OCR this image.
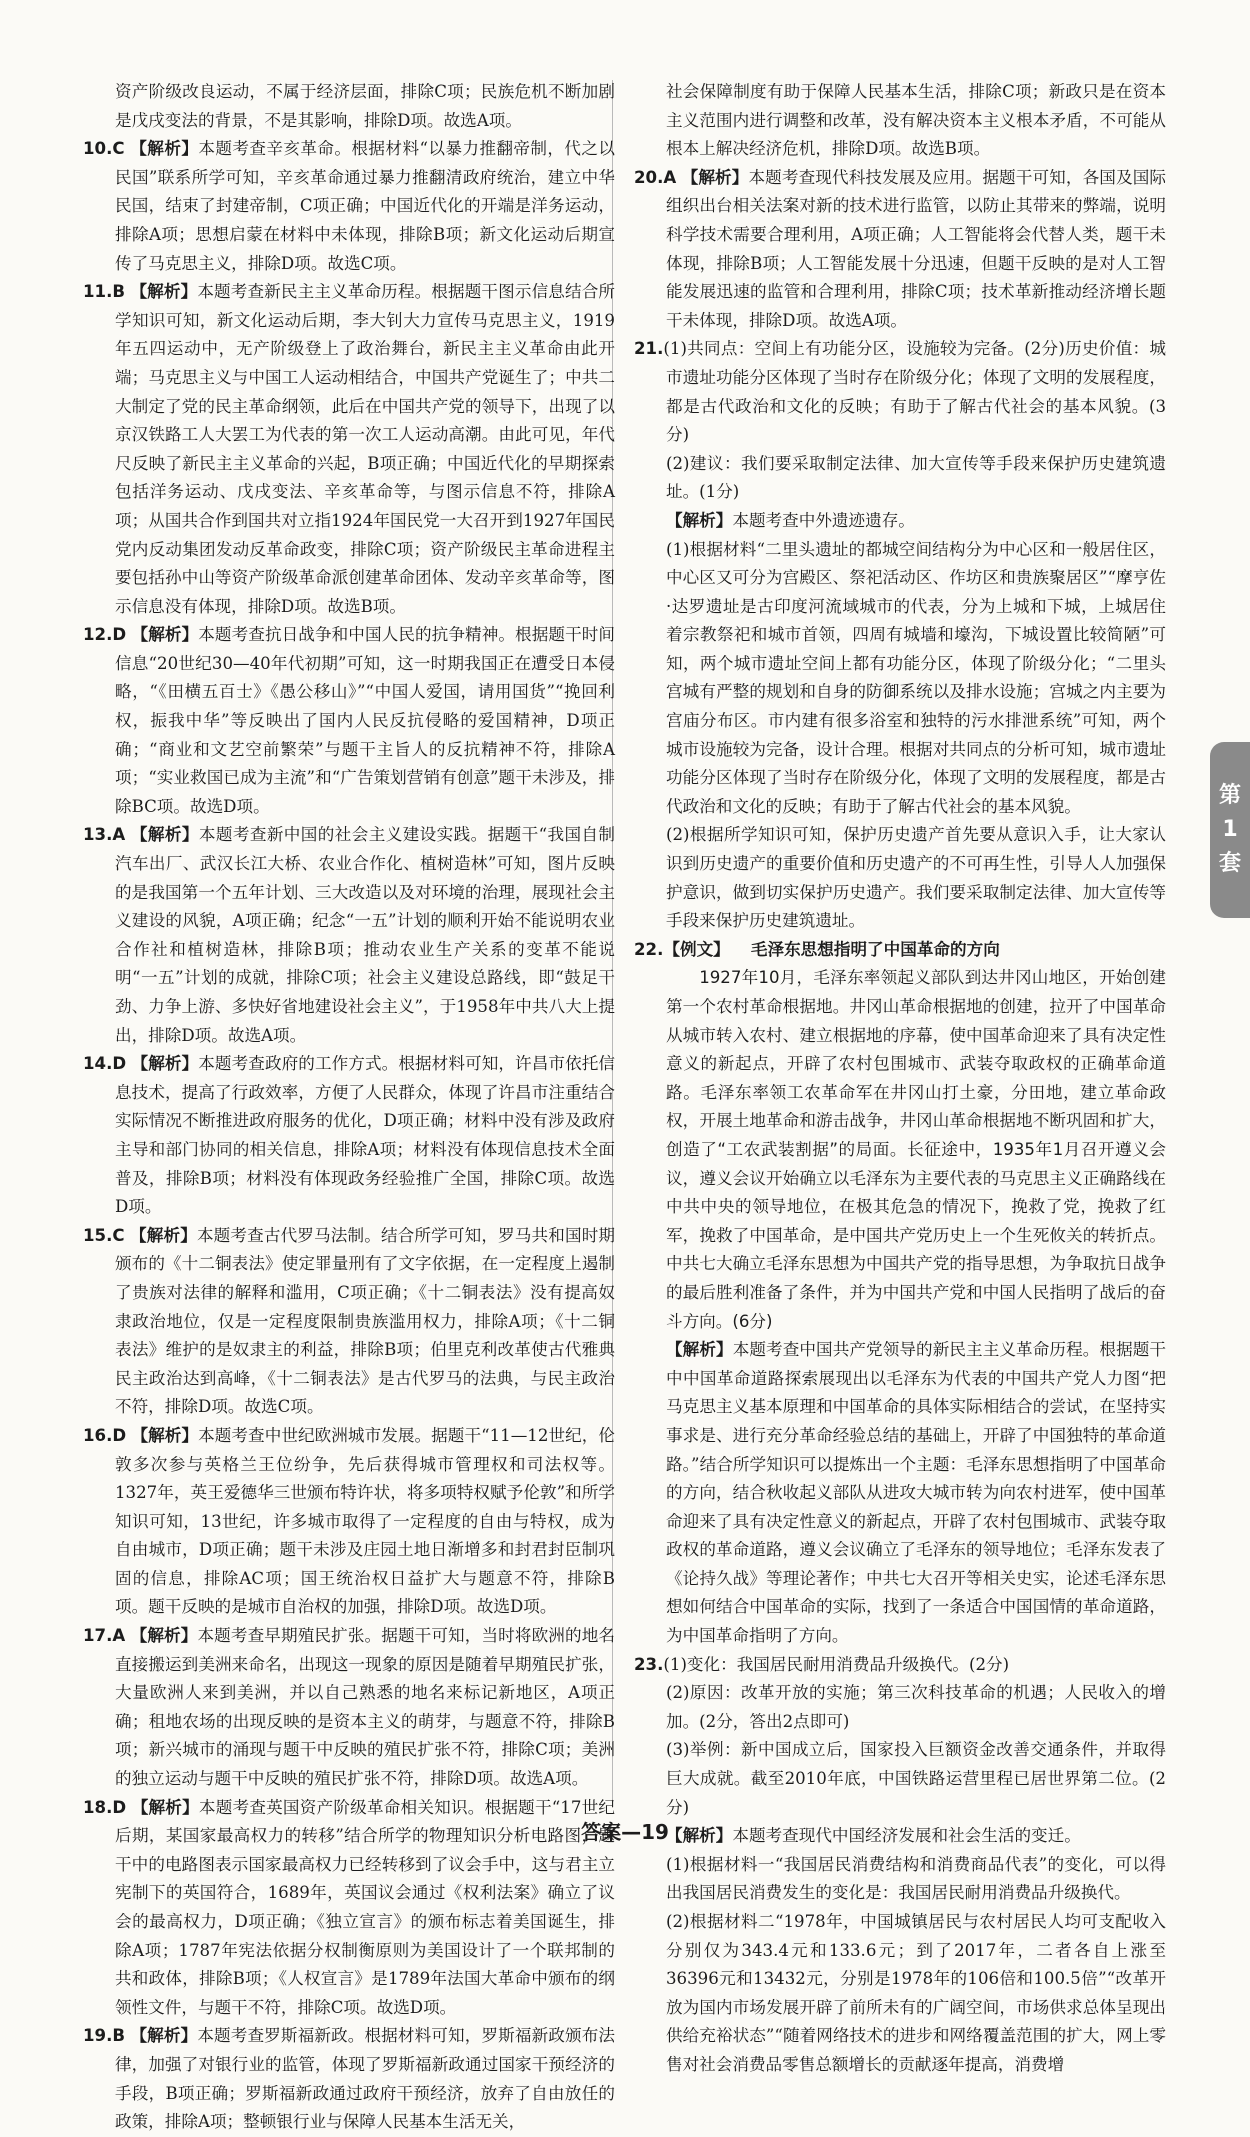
资产阶级改良运动，不属于经济层面，排除C项；民族危机不断加剧是戊戌变法的背景，不是其影响，排除D项。故选A项。

10.C 【解析】本题考查辛亥革命。根据材料“以暴力推翻帝制，代之以民国”联系所学可知，辛亥革命通过暴力推翻清政府统治，建立中华民国，结束了封建帝制，C项正确；中国近代化的开端是洋务运动，排除A项；思想启蒙在材料中未体现，排除B项；新文化运动后期宣传了马克思主义，排除D项。故选C项。

11.B 【解析】本题考查新民主主义革命历程。根据题干图示信息结合所学知识可知，新文化运动后期，李大钊大力宣传马克思主义，1919年五四运动中，无产阶级登上了政治舞台，新民主主义革命由此开端；马克思主义与中国工人运动相结合，中国共产党诞生了；中共二大制定了党的民主革命纲领，此后在中国共产党的领导下，出现了以京汉铁路工人大罢工为代表的第一次工人运动高潮。由此可见，年代尺反映了新民主主义革命的兴起，B项正确；中国近代化的早期探索包括洋务运动、戊戌变法、辛亥革命等，与图示信息不符，排除A项；从国共合作到国共对立指1924年国民党一大召开到1927年国民党内反动集团发动反革命政变，排除C项；资产阶级民主革命进程主要包括孙中山等资产阶级革命派创建革命团体、发动辛亥革命等，图示信息没有体现，排除D项。故选B项。

12.D 【解析】本题考查抗日战争和中国人民的抗争精神。根据题干时间信息“20世纪30—40年代初期”可知，这一时期我国正在遭受日本侵略，“《田横五百士》《愚公移山》”“中国人爱国，请用国货”“挽回利权，振我中华”等反映出了国内人民反抗侵略的爱国精神，D项正确；“商业和文艺空前繁荣”与题干主旨人的反抗精神不符，排除A项；“实业救国已成为主流”和“广告策划营销有创意”题干未涉及，排除BC项。故选D项。

13.A 【解析】本题考查新中国的社会主义建设实践。据题干“我国自制汽车出厂、武汉长江大桥、农业合作化、植树造林”可知，图片反映的是我国第一个五年计划、三大改造以及对环境的治理，展现社会主义建设的风貌，A项正确；纪念“一五”计划的顺利开始不能说明农业合作社和植树造林，排除B项；推动农业生产关系的变革不能说明“一五”计划的成就，排除C项；社会主义建设总路线，即“鼓足干劲、力争上游、多快好省地建设社会主义”，于1958年中共八大上提出，排除D项。故选A项。

14.D 【解析】本题考查政府的工作方式。根据材料可知，许昌市依托信息技术，提高了行政效率，方便了人民群众，体现了许昌市注重结合实际情况不断推进政府服务的优化，D项正确；材料中没有涉及政府主导和部门协同的相关信息，排除A项；材料没有体现信息技术全面普及，排除B项；材料没有体现政务经验推广全国，排除C项。故选D项。

15.C 【解析】本题考查古代罗马法制。结合所学可知，罗马共和国时期颁布的《十二铜表法》使定罪量刑有了文字依据，在一定程度上遏制了贵族对法律的解释和滥用，C项正确；《十二铜表法》没有提高奴隶政治地位，仅是一定程度限制贵族滥用权力，排除A项；《十二铜表法》维护的是奴隶主的利益，排除B项；伯里克利改革使古代雅典民主政治达到高峰，《十二铜表法》是古代罗马的法典，与民主政治不符，排除D项。故选C项。

16.D 【解析】本题考查中世纪欧洲城市发展。据题干“11—12世纪，伦敦多次参与英格兰王位纷争，先后获得城市管理权和司法权等。1327年，英王爱德华三世颁布特许状，将多项特权赋予伦敦”和所学知识可知，13世纪，许多城市取得了一定程度的自由与特权，成为自由城市，D项正确；题干未涉及庄园土地日渐增多和封君封臣制巩固的信息，排除AC项；国王统治权日益扩大与题意不符，排除B项。题干反映的是城市自治权的加强，排除D项。故选D项。

17.A 【解析】本题考查早期殖民扩张。据题干可知，当时将欧洲的地名直接搬运到美洲来命名，出现这一现象的原因是随着早期殖民扩张，大量欧洲人来到美洲，并以自己熟悉的地名来标记新地区，A项正确；租地农场的出现反映的是资本主义的萌芽，与题意不符，排除B项；新兴城市的涌现与题干中反映的殖民扩张不符，排除C项；美洲的独立运动与题干中反映的殖民扩张不符，排除D项。故选A项。

18.D 【解析】本题考查英国资产阶级革命相关知识。根据题干“17世纪后期，某国家最高权力的转移”结合所学的物理知识分析电路图，题干中的电路图表示国家最高权力已经转移到了议会手中，这与君主立宪制下的英国符合，1689年，英国议会通过《权利法案》确立了议会的最高权力，D项正确；《独立宣言》的颁布标志着美国诞生，排除A项；1787年宪法依据分权制衡原则为美国设计了一个联邦制的共和政体，排除B项；《人权宣言》是1789年法国大革命中颁布的纲领性文件，与题干不符，排除C项。故选D项。

19.B 【解析】本题考查罗斯福新政。根据材料可知，罗斯福新政颁布法律，加强了对银行业的监管，体现了罗斯福新政通过国家干预经济的手段，B项正确；罗斯福新政通过政府干预经济，放弃了自由放任的政策，排除A项；整顿银行业与保障人民基本生活无关，

社会保障制度有助于保障人民基本生活，排除C项；新政只是在资本主义范围内进行调整和改革，没有解决资本主义根本矛盾，不可能从根本上解决经济危机，排除D项。故选B项。

20.A 【解析】本题考查现代科技发展及应用。据题干可知，各国及国际组织出台相关法案对新的技术进行监管，以防止其带来的弊端，说明科学技术需要合理利用，A项正确；人工智能将会代替人类，题干未体现，排除B项；人工智能发展十分迅速，但题干反映的是对人工智能发展迅速的监管和合理利用，排除C项；技术革新推动经济增长题干未体现，排除D项。故选A项。

21.(1)共同点：空间上有功能分区，设施较为完备。(2分)历史价值：城市遗址功能分区体现了当时存在阶级分化；体现了文明的发展程度，都是古代政治和文化的反映；有助于了解古代社会的基本风貌。(3分)

(2)建议：我们要采取制定法律、加大宣传等手段来保护历史建筑遗址。(1分)

【解析】本题考查中外遗迹遗存。

(1)根据材料“二里头遗址的都城空间结构分为中心区和一般居住区，中心区又可分为宫殿区、祭祀活动区、作坊区和贵族聚居区”“摩亨佐·达罗遗址是古印度河流域城市的代表，分为上城和下城，上城居住着宗教祭祀和城市首领，四周有城墙和壕沟，下城设置比较简陋”可知，两个城市遗址空间上都有功能分区，体现了阶级分化；“二里头宫城有严整的规划和自身的防御系统以及排水设施；宫城之内主要为宫庙分布区。市内建有很多浴室和独特的污水排泄系统”可知，两个城市设施较为完备，设计合理。根据对共同点的分析可知，城市遗址功能分区体现了当时存在阶级分化，体现了文明的发展程度，都是古代政治和文化的反映；有助于了解古代社会的基本风貌。

(2)根据所学知识可知，保护历史遗产首先要从意识入手，让大家认识到历史遗产的重要价值和历史遗产的不可再生性，引导人人加强保护意识，做到切实保护历史遗产。我们要采取制定法律、加大宣传等手段来保护历史建筑遗址。

22.【例文】 毛泽东思想指明了中国革命的方向

1927年10月，毛泽东率领起义部队到达井冈山地区，开始创建第一个农村革命根据地。井冈山革命根据地的创建，拉开了中国革命从城市转入农村、建立根据地的序幕，使中国革命迎来了具有决定性意义的新起点，开辟了农村包围城市、武装夺取政权的正确革命道路。毛泽东率领工农革命军在井冈山打土豪，分田地，建立革命政权，开展土地革命和游击战争，井冈山革命根据地不断巩固和扩大，创造了“工农武装割据”的局面。长征途中，1935年1月召开遵义会议，遵义会议开始确立以毛泽东为主要代表的马克思主义正确路线在中共中央的领导地位，在极其危急的情况下，挽救了党，挽救了红军，挽救了中国革命，是中国共产党历史上一个生死攸关的转折点。中共七大确立毛泽东思想为中国共产党的指导思想，为争取抗日战争的最后胜利准备了条件，并为中国共产党和中国人民指明了战后的奋斗方向。(6分)

【解析】本题考查中国共产党领导的新民主主义革命历程。根据题干中中国革命道路探索展现出以毛泽东为代表的中国共产党人力图“把马克思主义基本原理和中国革命的具体实际相结合的尝试，在坚持实事求是、进行充分革命经验总结的基础上，开辟了中国独特的革命道路。”结合所学知识可以提炼出一个主题：毛泽东思想指明了中国革命的方向，结合秋收起义部队从进攻大城市转为向农村进军，使中国革命迎来了具有决定性意义的新起点，开辟了农村包围城市、武装夺取政权的革命道路，遵义会议确立了毛泽东的领导地位；毛泽东发表了《论持久战》等理论著作；中共七大召开等相关史实，论述毛泽东思想如何结合中国革命的实际，找到了一条适合中国国情的革命道路，为中国革命指明了方向。

23.(1)变化：我国居民耐用消费品升级换代。(2分)

(2)原因：改革开放的实施；第三次科技革命的机遇；人民收入的增加。(2分，答出2点即可)

(3)举例：新中国成立后，国家投入巨额资金改善交通条件，并取得巨大成就。截至2010年底，中国铁路运营里程已居世界第二位。(2分)

【解析】本题考查现代中国经济发展和社会生活的变迁。

(1)根据材料一“我国居民消费结构和消费商品代表”的变化，可以得出我国居民消费发生的变化是：我国居民耐用消费品升级换代。

(2)根据材料二“1978年，中国城镇居民与农村居民人均可支配收入分别仅为343.4元和133.6元；到了2017年，二者各自上涨至36396元和13432元，分别是1978年的106倍和100.5倍”“改革开放为国内市场发展开辟了前所未有的广阔空间，市场供求总体呈现出供给充裕状态”“随着网络技术的进步和网络覆盖范围的扩大，网上零售对社会消费品零售总额增长的贡献逐年提高，消费增

第
1
套
答案—19
